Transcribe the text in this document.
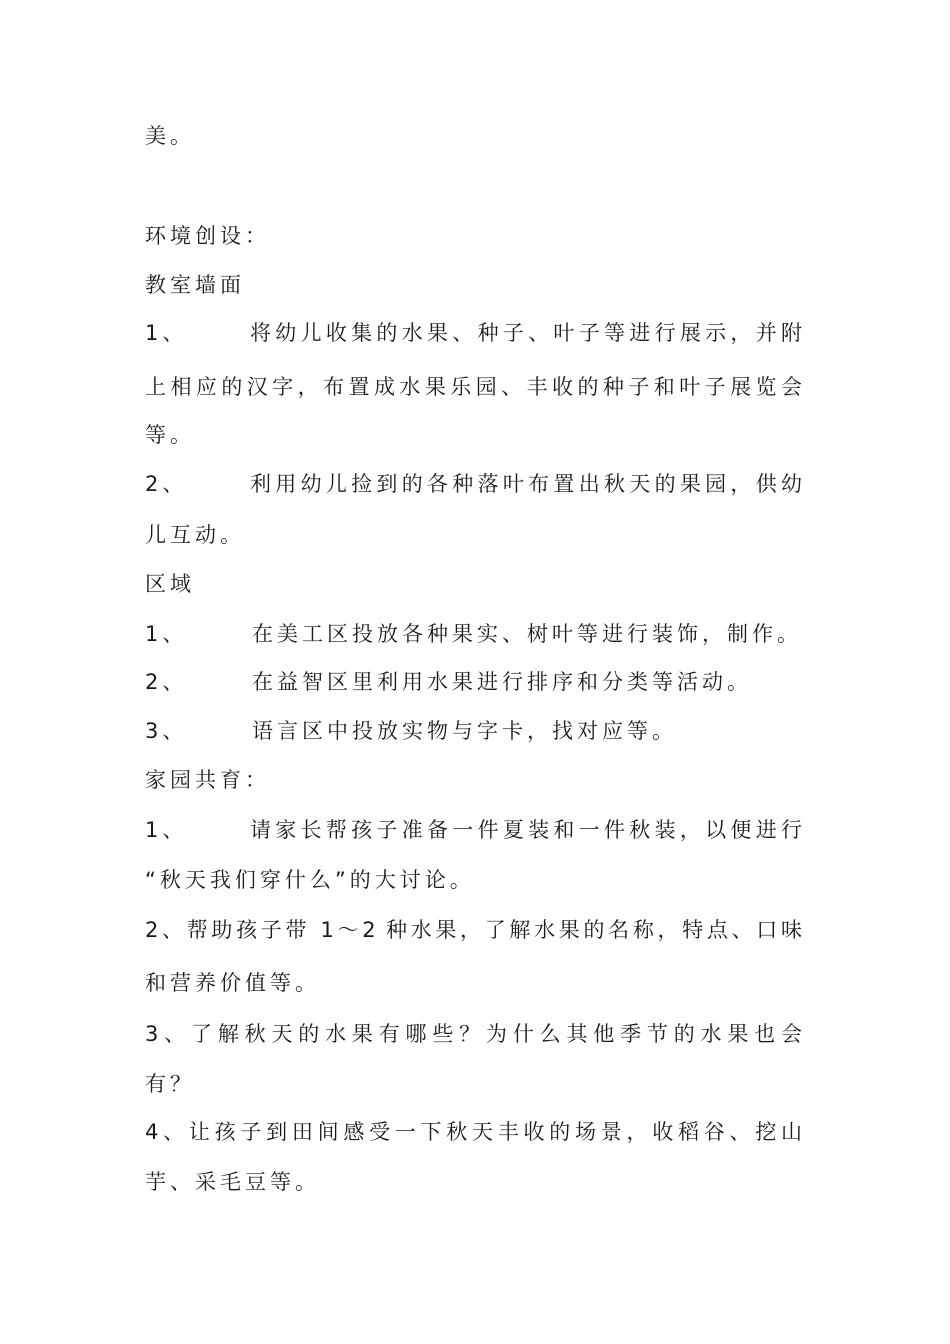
美。
环境创设：
教室墙面
1、	将幼儿收集的水果、种子、叶子等进行展示，并附
上相应的汉字，布置成水果乐园、丰收的种子和叶子展览会
等。
2、	利用幼儿捡到的各种落叶布置出秋天的果园，供幼
儿互动。
区域
1、	在美工区投放各种果实、树叶等进行装饰，制作。
2、	在益智区里利用水果进行排序和分类等活动。
3、	语言区中投放实物与字卡，找对应等。
家园共育：
1、	请家长帮孩子准备一件夏装和一件秋装，以便进行
“秋天我们穿什么”的大讨论。
2、帮助孩子带 1～2 种水果，了解水果的名称，特点、口味
和营养价值等。
3、了解秋天的水果有哪些？为什么其他季节的水果也会
有？
4、让孩子到田间感受一下秋天丰收的场景，收稻谷、挖山
芋、采毛豆等。
